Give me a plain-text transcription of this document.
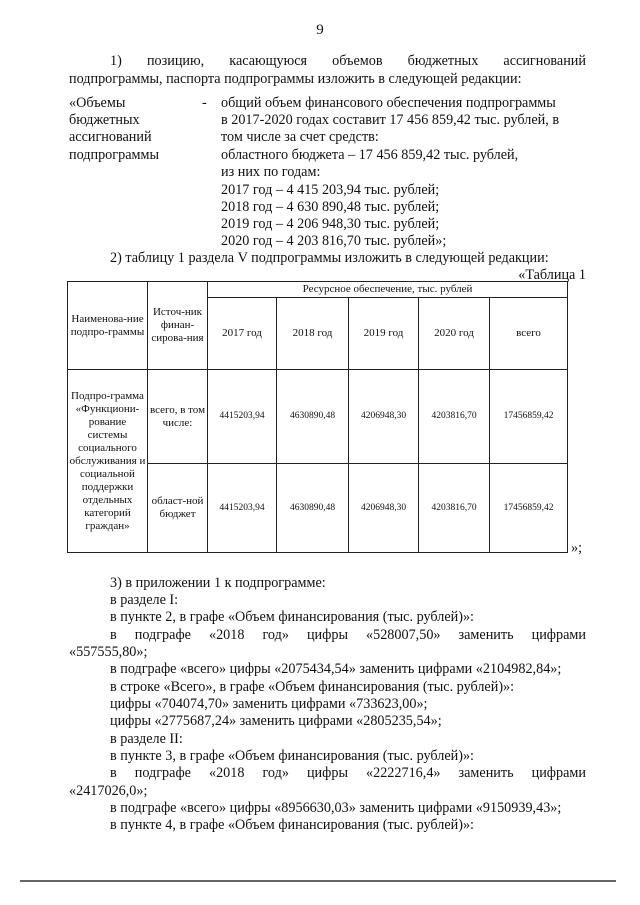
9
1) позицию, касающуюся объемов бюджетных ассигнований
подпрограммы, паспорта подпрограммы изложить в следующей редакции:
«Объемы
бюджетных
ассигнований
подпрограммы
- общий объем финансового обеспечения подпрограммы
в 2017-2020 годах составит 17 456 859,42 тыс. рублей, в
том числе за счет средств:
областного бюджета – 17 456 859,42 тыс. рублей,
из них по годам:
2017 год – 4 415 203,94 тыс. рублей;
2018 год – 4 630 890,48 тыс. рублей;
2019 год – 4 206 948,30 тыс. рублей;
2020 год – 4 203 816,70 тыс. рублей»;
2) таблицу 1 раздела V подпрограммы изложить в следующей редакции:
«Таблица 1
Наименова-ние подпро-граммы	Источ-ник финан-сирова-ния	Ресурсное обеспечение, тыс. рублей				
		2017 год	2018 год	2019 год	2020 год	всего
Подпро-грамма «Функциони-рование системы социального обслуживания и социальной поддержки отдельных категорий граждан»	всего, в том числе:	4415203,94	4630890,48	4206948,30	4203816,70	17456859,42
	област-ной бюджет	4415203,94	4630890,48	4206948,30	4203816,70	17456859,42
»;
3) в приложении 1 к подпрограмме:
в разделе I:
в пункте 2, в графе «Объем финансирования (тыс. рублей)»:
в подграфе «2018 год» цифры «528007,50» заменить цифрами
«557555,80»;
в подграфе «всего» цифры «2075434,54» заменить цифрами «2104982,84»;
в строке «Всего», в графе «Объем финансирования (тыс. рублей)»:
цифры «704074,70» заменить цифрами «733623,00»;
цифры «2775687,24» заменить цифрами «2805235,54»;
в разделе II:
в пункте 3, в графе «Объем финансирования (тыс. рублей)»:
в подграфе «2018 год» цифры «2222716,4» заменить цифрами
«2417026,0»;
в подграфе «всего» цифры «8956630,03» заменить цифрами «9150939,43»;
в пункте 4, в графе «Объем финансирования (тыс. рублей)»:
